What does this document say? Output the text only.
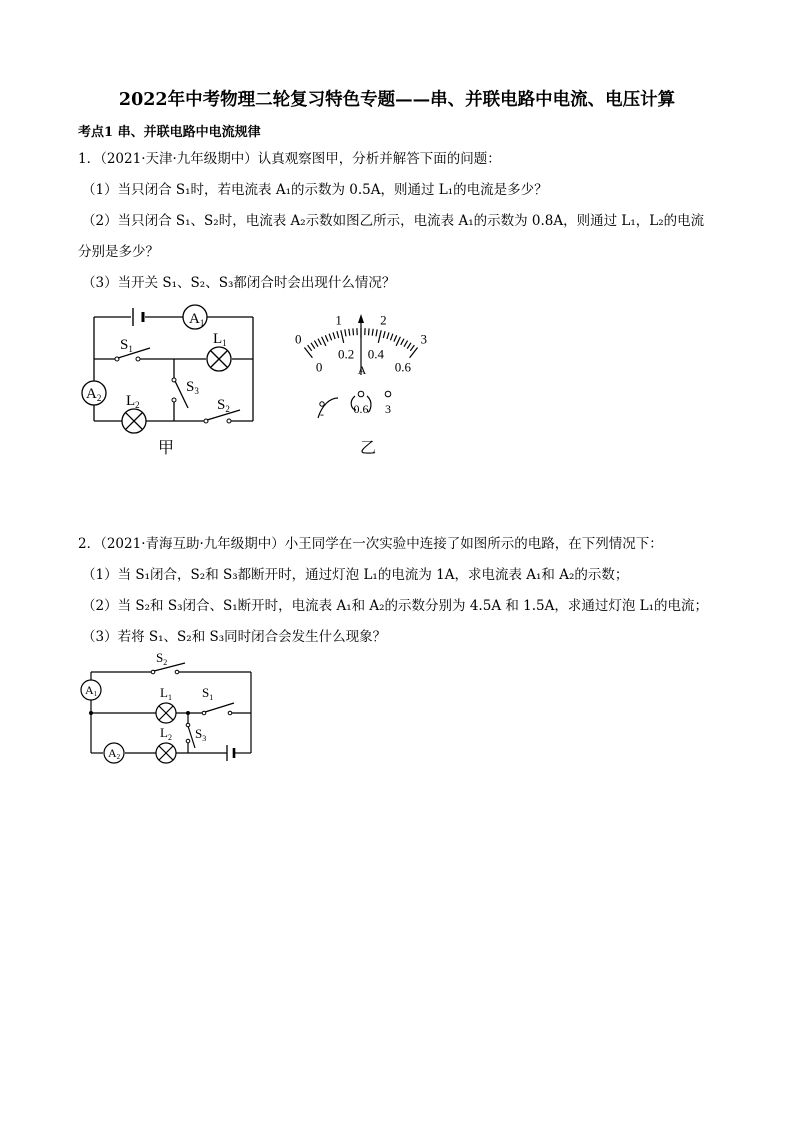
2022年中考物理二轮复习特色专题——串、并联电路中电流、电压计算
考点1 串、并联电路中电流规律
1．（2021·天津·九年级期中）认真观察图甲，分析并解答下面的问题：
（1）当只闭合 S₁时，若电流表 A₁的示数为 0.5A，则通过 L₁的电流是多少？
（2）当只闭合 S₁、S₂时，电流表 A₂示数如图乙所示，电流表 A₁的示数为 0.8A，则通过 L₁，L₂的电流
分别是多少？
（3）当开关 S₁、S₂、S₃都闭合时会出现什么情况？
$A_1$
$A_2$
$S_1$
$L_1$
$S_3$
$L_2$	$S_2$
甲
0
1	2
3
0
0.2 0.4
0.6
A
- 0.6 3
乙
2．（2021·青海互助·九年级期中）小王同学在一次实验中连接了如图所示的电路，在下列情况下：
（1）当 S₁闭合，S₂和 S₃都断开时，通过灯泡 L₁的电流为 1A，求电流表 A₁和 A₂的示数；
（2）当 S₂和 S₃闭合、S₁断开时，电流表 A₁和 A₂的示数分别为 4.5A 和 1.5A，求通过灯泡 L₁的电流；
（3）若将 S₁、S₂和 S₃同时闭合会发生什么现象？
$S_2$
A1	$L_1$ $S_1$
$S_3$
A2
$L_2$
